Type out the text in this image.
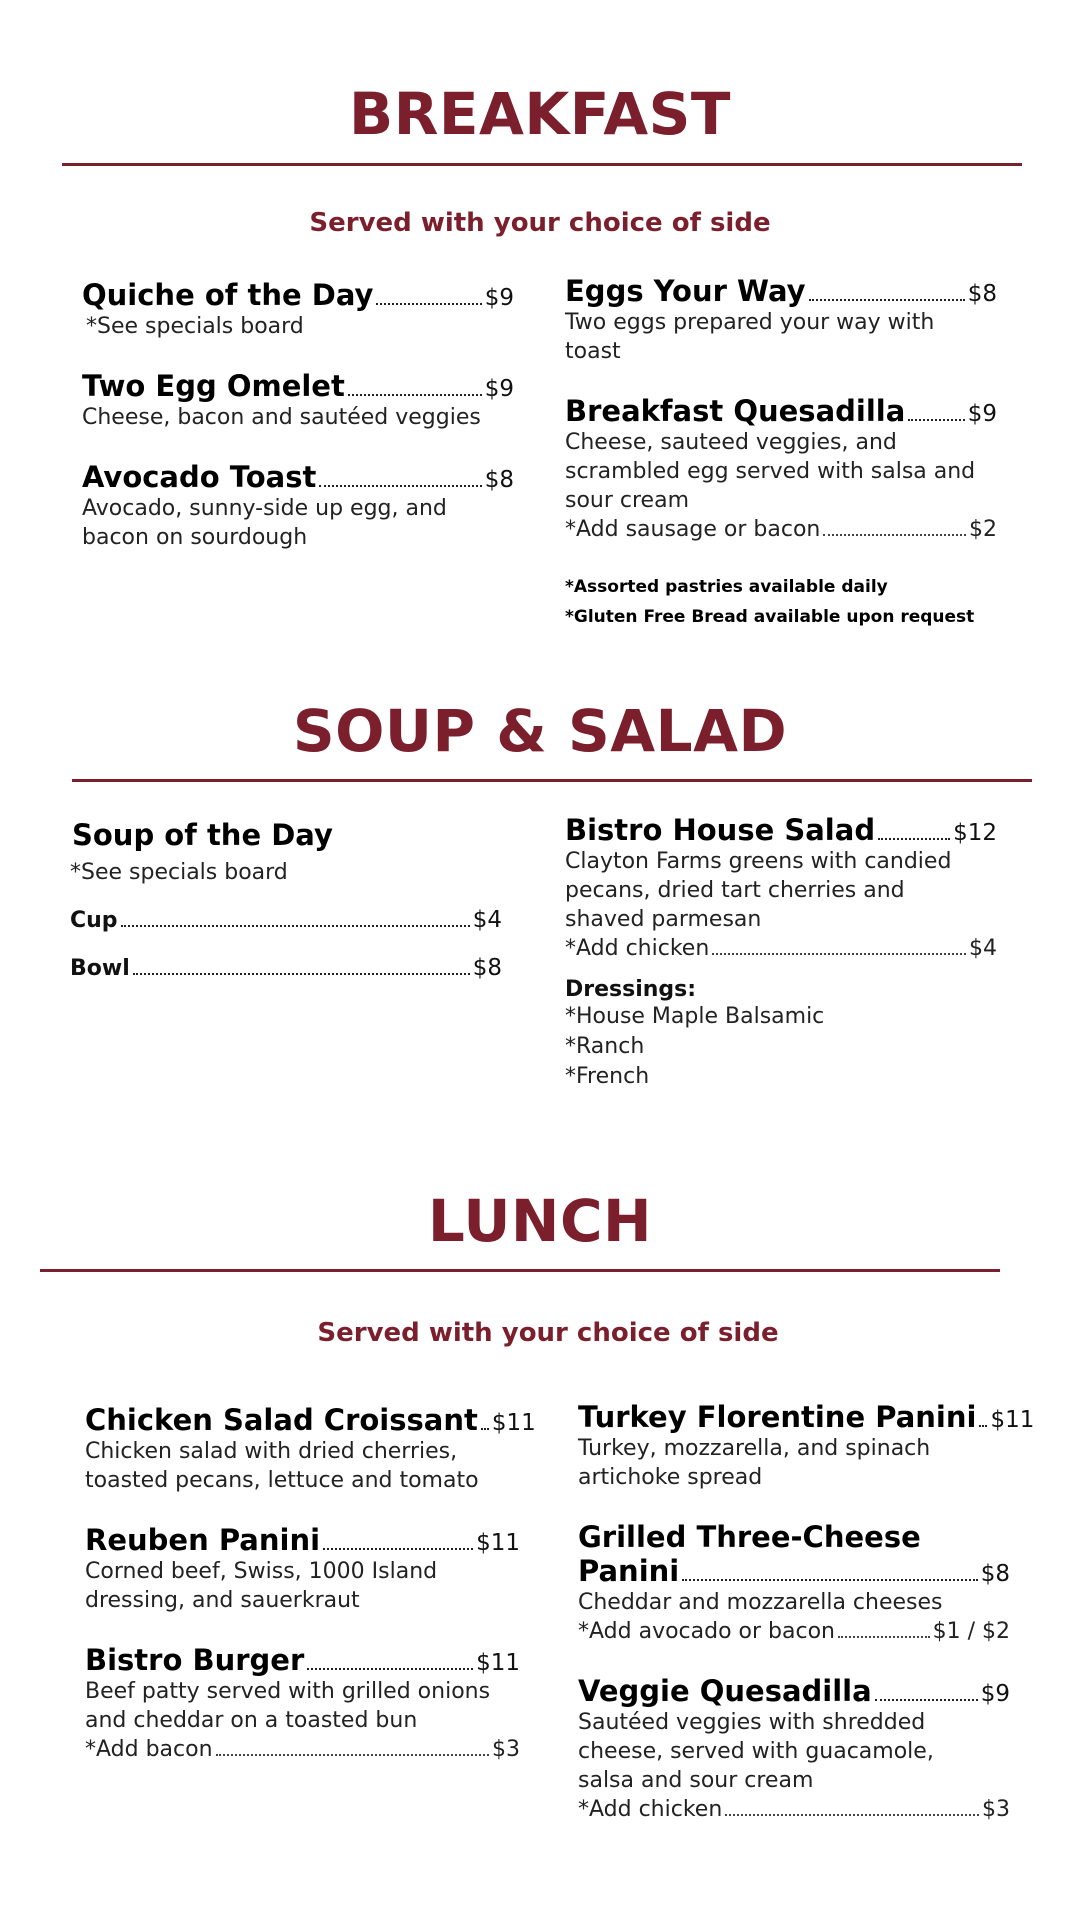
BREAKFAST
Served with your choice of side
Quiche of the Day	$9
*See specials board
Two Egg Omelet	$9
Cheese, bacon and sautéed veggies
Avocado Toast	$8
Avocado, sunny-side up egg, and bacon on sourdough
Eggs Your Way	$8
Two eggs prepared your way with toast
Breakfast Quesadilla	$9
Cheese, sauteed veggies, and scrambled egg served with salsa and sour cream
*Add sausage or bacon	$2
*Assorted pastries available daily
*Gluten Free Bread available upon request
SOUP & SALAD
Soup of the Day
*See specials board
Cup	$4
Bowl	$8
Bistro House Salad	$12
Clayton Farms greens with candied pecans, dried tart cherries and shaved parmesan
*Add chicken	$4
Dressings:
*House Maple Balsamic
*Ranch
*French
LUNCH
Served with your choice of side
Chicken Salad Croissant $11
Chicken salad with dried cherries, toasted pecans, lettuce and tomato
Reuben Panini	$11
Corned beef, Swiss, 1000 Island dressing, and sauerkraut
Bistro Burger	$11
Beef patty served with grilled onions and cheddar on a toasted bun
*Add bacon	$3
Turkey Florentine Panini $11
Turkey, mozzarella, and spinach artichoke spread
Grilled Three-Cheese
Panini	$8
Cheddar and mozzarella cheeses
*Add avocado or bacon	$1 / $2
Veggie Quesadilla	$9
Sautéed veggies with shredded cheese, served with guacamole, salsa and sour cream
*Add chicken	$3
